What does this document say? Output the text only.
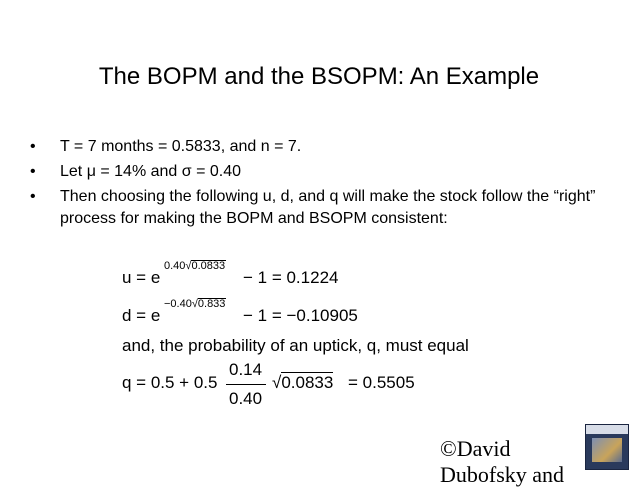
The BOPM and the BSOPM: An Example
• T = 7 months = 0.5833, and n = 7.
• Let μ = 14% and σ = 0.40
• Then choosing the following u, d, and q will make the stock follow the “right” process for making the BOPM and BSOPM consistent:
u = e
0.40√0.0833
− 1 = 0.1224
d = e
−0.40√0.833
− 1 = −0.10905
and, the probability of an uptick, q, must equal
q = 0.5 + 0.5
0.14
0.40
√0.0833 = 0.5505
©David
Dubofsky and
